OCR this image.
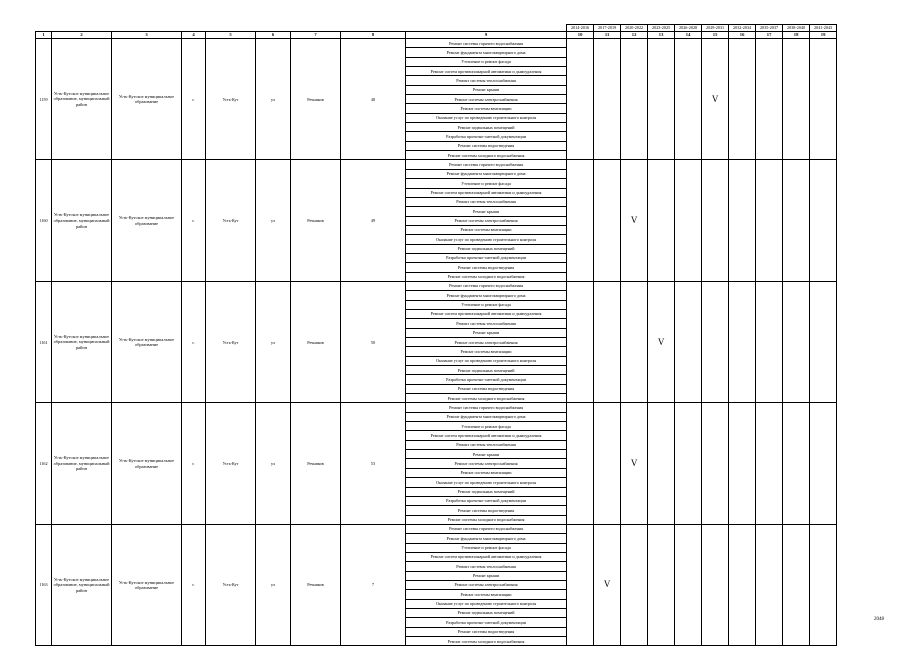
									2014-2016	2017-2019	2020-2022	2023-2025	2026-2028	2029-2031	2032-2034	2035-2037	2038-2040	2041-2043
1	2	3	4	5	6	7	8	9	10	11	12	13	14	15	16	17	18	19
1159	Усть-Кутское муниципальное образование, муниципальный район	Усть-Кутское муниципальное образование	г.	Усть-Кут	ул	Речников	48	Ремонт системы горячего водоснабжения						V				
								Ремонт фундамента многоквартирного дома										
								Утепление и ремонт фасада										
								Ремонт систем противопожарной автоматики и дымоудаления										
								Ремонт системы теплоснабжения										
								Ремонт крыши										
								Ремонт системы электроснабжения										
								Ремонт системы вентиляции										
								Оказание услуг по проведению строительного контроля										
								Ремонт подвальных помещений										
								Разработка проектно-сметной документации										
								Ремонт системы водоотведения										
								Ремонт системы холодного водоснабжения										
1160	Усть-Кутское муниципальное образование, муниципальный район	Усть-Кутское муниципальное образование	г.	Усть-Кут	ул	Речников	49	Ремонт системы горячего водоснабжения			V							
								Ремонт фундамента многоквартирного дома										
								Утепление и ремонт фасада										
								Ремонт систем противопожарной автоматики и дымоудаления										
								Ремонт системы теплоснабжения										
								Ремонт крыши										
								Ремонт системы электроснабжения										
								Ремонт системы вентиляции										
								Оказание услуг по проведению строительного контроля										
								Ремонт подвальных помещений										
								Разработка проектно-сметной документации										
								Ремонт системы водоотведения										
								Ремонт системы холодного водоснабжения										
1161	Усть-Кутское муниципальное образование, муниципальный район	Усть-Кутское муниципальное образование	г.	Усть-Кут	ул	Речников	50	Ремонт системы горячего водоснабжения				V						
								Ремонт фундамента многоквартирного дома										
								Утепление и ремонт фасада										
								Ремонт систем противопожарной автоматики и дымоудаления										
								Ремонт системы теплоснабжения										
								Ремонт крыши										
								Ремонт системы электроснабжения										
								Ремонт системы вентиляции										
								Оказание услуг по проведению строительного контроля										
								Ремонт подвальных помещений										
								Разработка проектно-сметной документации										
								Ремонт системы водоотведения										
								Ремонт системы холодного водоснабжения										
1162	Усть-Кутское муниципальное образование, муниципальный район	Усть-Кутское муниципальное образование	г.	Усть-Кут	ул	Речников	53	Ремонт системы горячего водоснабжения			V							
								Ремонт фундамента многоквартирного дома										
								Утепление и ремонт фасада										
								Ремонт систем противопожарной автоматики и дымоудаления										
								Ремонт системы теплоснабжения										
								Ремонт крыши										
								Ремонт системы электроснабжения										
								Ремонт системы вентиляции										
								Оказание услуг по проведению строительного контроля										
								Ремонт подвальных помещений										
								Разработка проектно-сметной документации										
								Ремонт системы водоотведения										
								Ремонт системы холодного водоснабжения										
1163	Усть-Кутское муниципальное образование, муниципальный район	Усть-Кутское муниципальное образование	г.	Усть-Кут	ул	Речников	7	Ремонт системы горячего водоснабжения		V								
								Ремонт фундамента многоквартирного дома										
								Утепление и ремонт фасада										
								Ремонт систем противопожарной автоматики и дымоудаления										
								Ремонт системы теплоснабжения										
								Ремонт крыши										
								Ремонт системы электроснабжения										
								Ремонт системы вентиляции										
								Оказание услуг по проведению строительного контроля										
								Ремонт подвальных помещений										
								Разработка проектно-сметной документации										
								Ремонт системы водоотведения										
								Ремонт системы холодного водоснабжения										
2048
